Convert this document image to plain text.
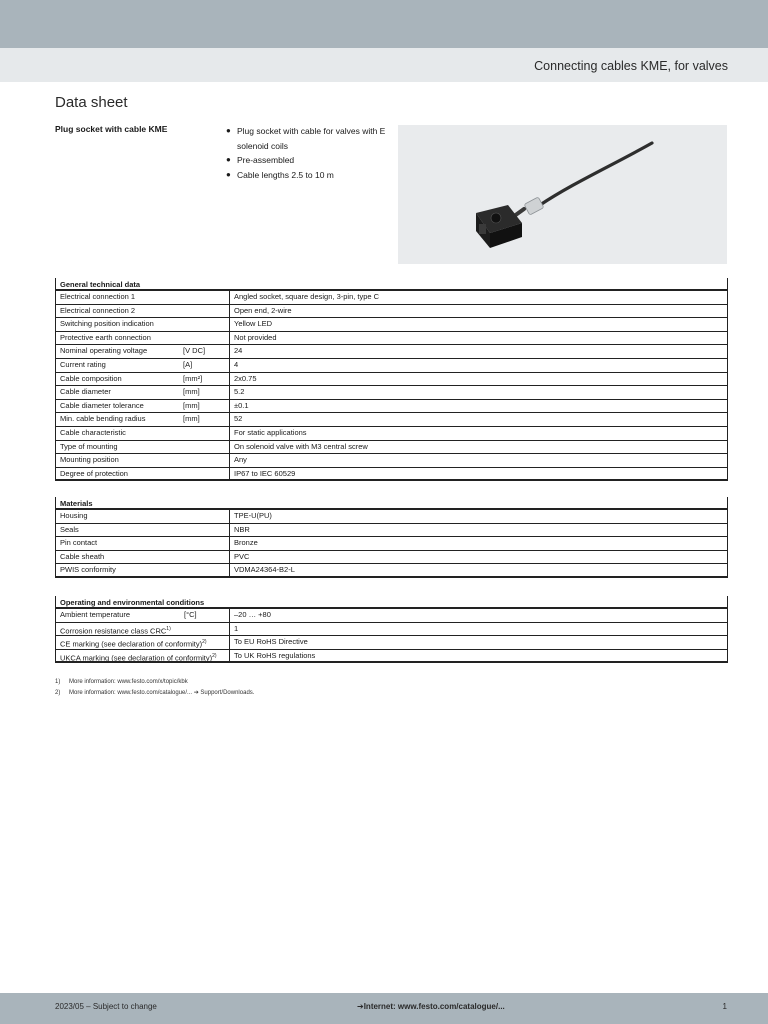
Connecting cables KME, for valves
Data sheet
Plug socket with cable KME	● Plug socket with cable for valves with E solenoid coils
● Pre-assembled
● Cable lengths 2.5 to 10 m
General technical data
Electrical connection 1	Angled socket, square design, 3-pin, type C
Electrical connection 2	Open end, 2-wire
Switching position indication	Yellow LED
Protective earth connection	Not provided
Nominal operating voltage	[V DC]	24
Current rating	[A]	4
Cable composition	[mm²]	2x0.75
Cable diameter	[mm]	5.2
Cable diameter tolerance	[mm]	±0.1
Min. cable bending radius	[mm]	52
Cable characteristic	For static applications
Type of mounting	On solenoid valve with M3 central screw
Mounting position	Any
Degree of protection	IP67 to IEC 60529
Materials
Housing	TPE-U(PU)
Seals	NBR
Pin contact	Bronze
Cable sheath	PVC
PWIS conformity	VDMA24364-B2-L
Operating and environmental conditions
Ambient temperature	[°C]	–20 … +80
Corrosion resistance class CRC$^{1)}$	1
CE marking (see declaration of conformity)$^{2)}$	To EU RoHS Directive
UKCA marking (see declaration of conformity)$^{2)}$	To UK RoHS regulations
1)	More information: www.festo.com/x/topic/kbk
2)	More information: www.festo.com/catalogue/... ➔ Support/Downloads.
2023/05 – Subject to change	➔Internet: www.festo.com/catalogue/...	1
